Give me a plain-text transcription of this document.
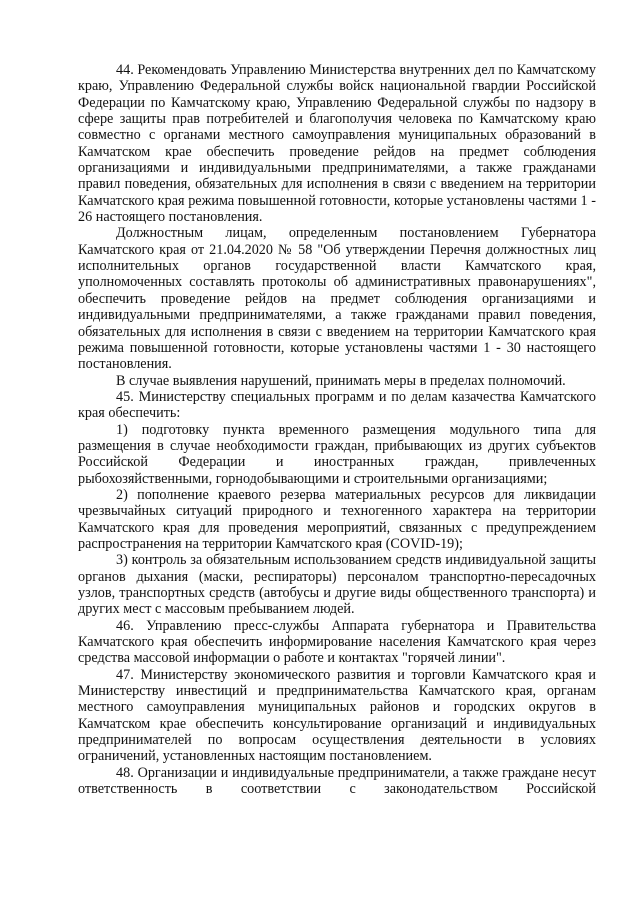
44. Рекомендовать Управлению Министерства внутренних дел по Камчатскому краю, Управлению Федеральной службы войск национальной гвардии Российской Федерации по Камчатскому краю, Управлению Федеральной службы по надзору в сфере защиты прав потребителей и благополучия человека по Камчатскому краю совместно с органами местного самоуправления муниципальных образований в Камчатском крае обеспечить проведение рейдов на предмет соблюдения организациями и индивидуальными предпринимателями, а также гражданами правил поведения, обязательных для исполнения в связи с введением на территории Камчатского края режима повышенной готовности, которые установлены частями 1 - 26 настоящего постановления.

Должностным лицам, определенным постановлением Губернатора Камчатского края от 21.04.2020 № 58 "Об утверждении Перечня должностных лиц исполнительных органов государственной власти Камчатского края, уполномоченных составлять протоколы об административных правонарушениях", обеспечить проведение рейдов на предмет соблюдения организациями и индивидуальными предпринимателями, а также гражданами правил поведения, обязательных для исполнения в связи с введением на территории Камчатского края режима повышенной готовности, которые установлены частями 1 - 30 настоящего постановления.

В случае выявления нарушений, принимать меры в пределах полномочий.

45. Министерству специальных программ и по делам казачества Камчатского края обеспечить:

1) подготовку пункта временного размещения модульного типа для размещения в случае необходимости граждан, прибывающих из других субъектов Российской Федерации и иностранных граждан, привлеченных рыбохозяйственными, горнодобывающими и строительными организациями;

2) пополнение краевого резерва материальных ресурсов для ликвидации чрезвычайных ситуаций природного и техногенного характера на территории Камчатского края для проведения мероприятий, связанных с предупреждением распространения на территории Камчатского края (COVID-19);

3) контроль за обязательным использованием средств индивидуальной защиты органов дыхания (маски, респираторы) персоналом транспортно-пересадочных узлов, транспортных средств (автобусы и другие виды общественного транспорта) и других мест с массовым пребыванием людей.

46. Управлению пресс-службы Аппарата губернатора и Правительства Камчатского края обеспечить информирование населения Камчатского края через средства массовой информации о работе и контактах "горячей линии".

47. Министерству экономического развития и торговли Камчатского края и Министерству инвестиций и предпринимательства Камчатского края, органам местного самоуправления муниципальных районов и городских округов в Камчатском крае обеспечить консультирование организаций и индивидуальных предпринимателей по вопросам осуществления деятельности в условиях ограничений, установленных настоящим постановлением.

48. Организации и индивидуальные предприниматели, а также граждане несут ответственность в соответствии с законодательством Российской
